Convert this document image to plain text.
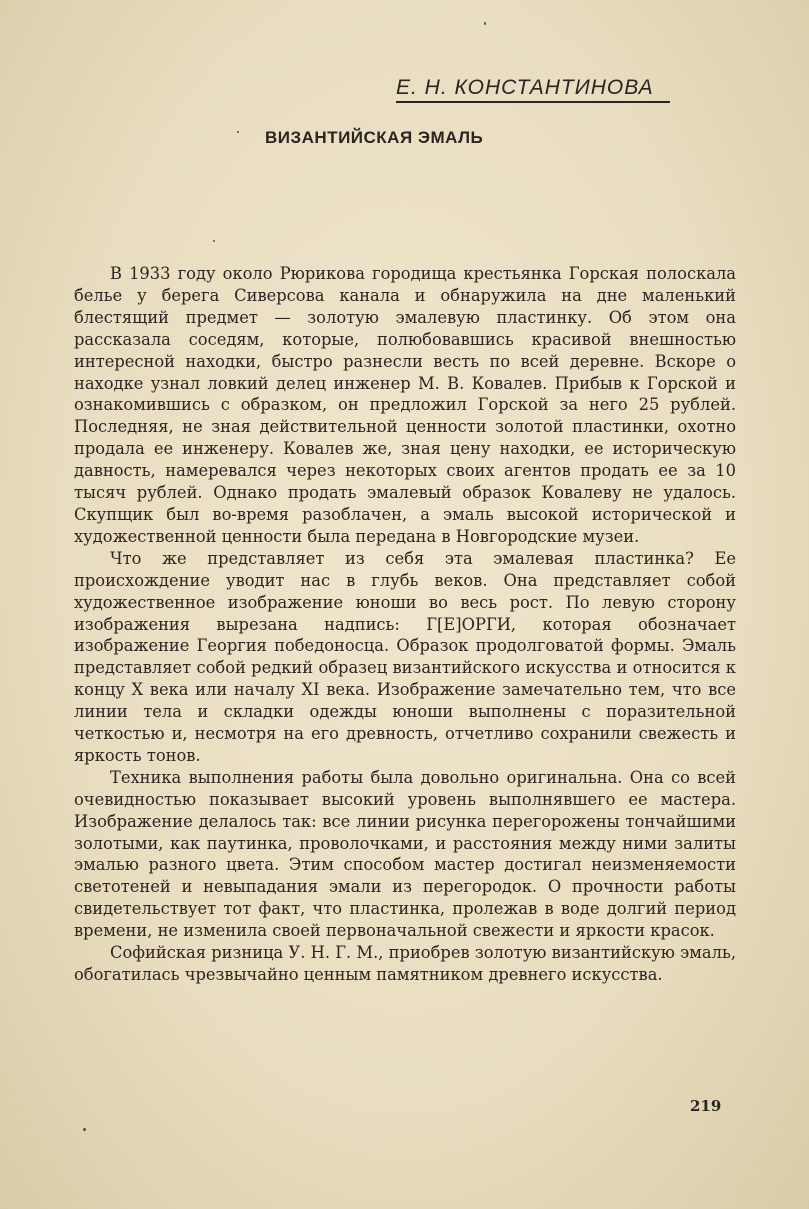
Е. Н. КОНСТАНТИНОВА
ВИЗАНТИЙСКАЯ ЭМАЛЬ

В 1933 году около Рюрикова городища крестьянка Горская полоскала белье у берега Сиверсова канала и обнаружила на дне маленький блестящий предмет — золотую эмалевую пластинку. Об этом она рассказала соседям, которые, полюбовавшись красивой внешностью интересной находки, быстро разнесли весть по всей деревне. Вскоре о находке узнал ловкий делец инженер М. В. Ковалев. Прибыв к Горской и ознакомившись с образком, он предложил Горской за него 25 рублей. Последняя, не зная действительной ценности золотой пластинки, охотно продала ее инженеру. Ковалев же, зная цену находки, ее историческую давность, намеревался через некоторых своих агентов продать ее за 10 тысяч рублей. Однако продать эмалевый образок Ковалеву не удалось. Скупщик был во-время разоблачен, а эмаль высокой исторической и художественной ценности была передана в Новгородские музеи.

Что же представляет из себя эта эмалевая пластинка? Ее происхождение уводит нас в глубь веков. Она представляет собой художественное изображение юноши во весь рост. По левую сторону изображения вырезана надпись: Г[Е]ОРГИ, которая обозначает изображение Георгия победоносца. Образок продолговатой формы. Эмаль представляет собой редкий образец византийского искусства и относится к концу X века или началу XI века. Изображение замечательно тем, что все линии тела и складки одежды юноши выполнены с поразительной четкостью и, несмотря на его древность, отчетливо сохранили свежесть и яркость тонов.

Техника выполнения работы была довольно оригинальна. Она со всей очевидностью показывает высокий уровень выполнявшего ее мастера. Изображение делалось так: все линии рисунка перегорожены тончайшими золотыми, как паутинка, проволочками, и расстояния между ними залиты эмалью разного цвета. Этим способом мастер достигал неизменяемости светотеней и невыпадания эмали из перегородок. О прочности работы свидетельствует тот факт, что пластинка, пролежав в воде долгий период времени, не изменила своей первоначальной свежести и яркости красок.

Софийская ризница У. Н. Г. М., приобрев золотую византийскую эмаль, обогатилась чрезвычайно ценным памятником древнего искусства.

219
